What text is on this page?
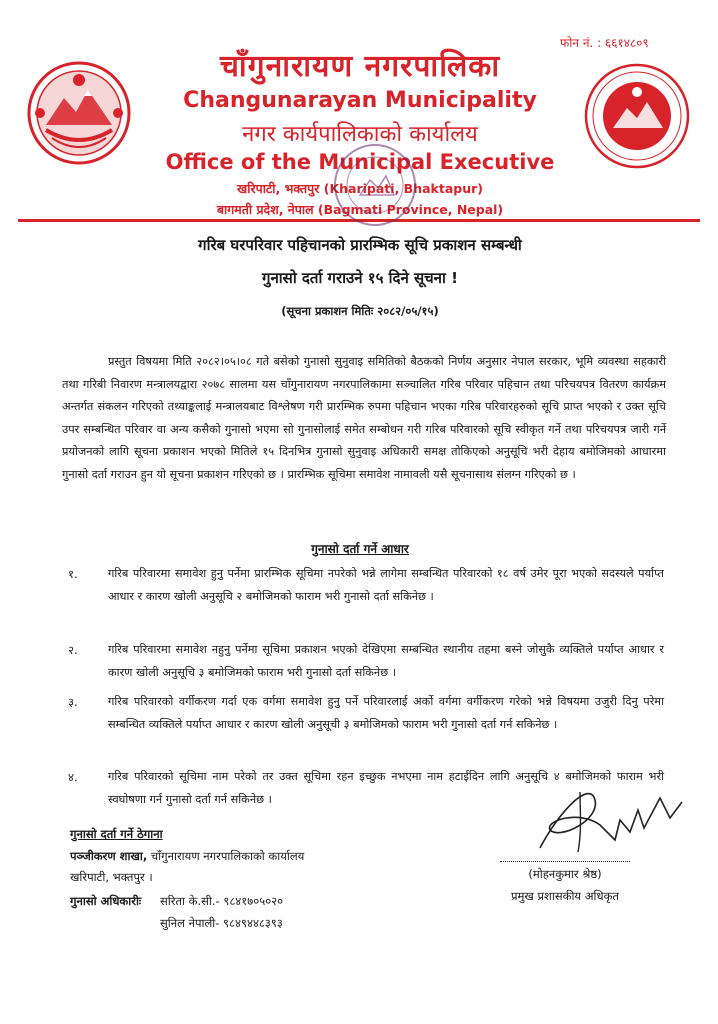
फोन नं. : ६६१४८०९
चाँगुनारायण नगरपालिका
Changunarayan Municipality
नगर कार्यपालिकाको कार्यालय
Office of the Municipal Executive
खरिपाटी, भक्तपुर (Kharipati, Bhaktapur)
बागमती प्रदेश, नेपाल (Bagmati Province, Nepal)
गरिब घरपरिवार पहिचानको प्रारम्भिक सूचि प्रकाशन सम्बन्धी
गुनासो दर्ता गराउने १५ दिने सूचना !
(सूचना प्रकाशन मितिः २०८२/०५/१५)
प्रस्तुत विषयमा मिति २०८२।०५।०८ गते बसेको गुनासो सुनुवाइ समितिको बैठकको निर्णय अनुसार नेपाल सरकार, भूमि व्यवस्था सहकारी तथा गरिबी निवारण मन्त्रालयद्वारा २०७८ सालमा यस चाँगुनारायण नगरपालिकामा सञ्चालित गरिब परिवार पहिचान तथा परिचयपत्र वितरण कार्यक्रम अन्तर्गत संकलन गरिएको तथ्याङ्कलाई मन्त्रालयबाट विश्लेषण गरी प्रारम्भिक रुपमा पहिचान भएका गरिब परिवारहरुको सूचि प्राप्त भएको र उक्त सूचि उपर सम्बन्धित परिवार वा अन्य कसैको गुनासो भएमा सो गुनासोलाई समेत सम्बोधन गरी गरिब परिवारको सूचि स्वीकृत गर्ने तथा परिचयपत्र जारी गर्ने प्रयोजनको लागि सूचना प्रकाशन भएको मितिले १५ दिनभित्र गुनासो सुनुवाइ अधिकारी समक्ष तोकिएको अनुसूचि भरी देहाय बमोजिमको आधारमा गुनासो दर्ता गराउन हुन यो सूचना प्रकाशन गरिएको छ । प्रारम्भिक सूचिमा समावेश नामावली यसै सूचनासाथ संलग्न गरिएको छ ।
गुनासो दर्ता गर्ने आधार
१.	गरिब परिवारमा समावेश हुनु पर्नेमा प्रारम्भिक सूचिमा नपरेको भन्ने लागेमा सम्बन्धित परिवारको १८ वर्ष उमेर पूरा भएको सदस्यले पर्याप्त आधार र कारण खोली अनुसूचि २ बमोजिमको फाराम भरी गुनासो दर्ता सकिनेछ ।
२.	गरिब परिवारमा समावेश नहुनु पर्नेमा सूचिमा प्रकाशन भएको देखिएमा सम्बन्धित स्थानीय तहमा बस्ने जोसुकै व्यक्तिले पर्याप्त आधार र कारण खोली अनुसूचि ३ बमोजिमको फाराम भरी गुनासो दर्ता सकिनेछ ।
३.	गरिब परिवारको वर्गीकरण गर्दा एक वर्गमा समावेश हुनु पर्ने परिवारलाई अर्को वर्गमा वर्गीकरण गरेको भन्ने विषयमा उजुरी दिनु परेमा सम्बन्धित व्यक्तिले पर्याप्त आधार र कारण खोली अनुसूची ३ बमोजिमको फाराम भरी गुनासो दर्ता गर्न सकिनेछ ।
४.	गरिब परिवारको सूचिमा नाम परेको तर उक्त सूचिमा रहन इच्छुक नभएमा नाम हटाईदिन लागि अनुसूचि ४ बमोजिमको फाराम भरी स्वघोषणा गर्न गुनासो दर्ता गर्न सकिनेछ ।
गुनासो दर्ता गर्ने ठेगाना
पञ्जीकरण शाखा, चाँगुनारायण नगरपालिकाको कार्यालय
खरिपाटी, भक्तपुर ।
गुनासो अधिकारीः सरिता के.सी.- ९८४१७०५०२०
सुनिल नेपाली- ९८४९४४८३९३
(मोहनकुमार श्रेष्ठ)
प्रमुख प्रशासकीय अधिकृत
